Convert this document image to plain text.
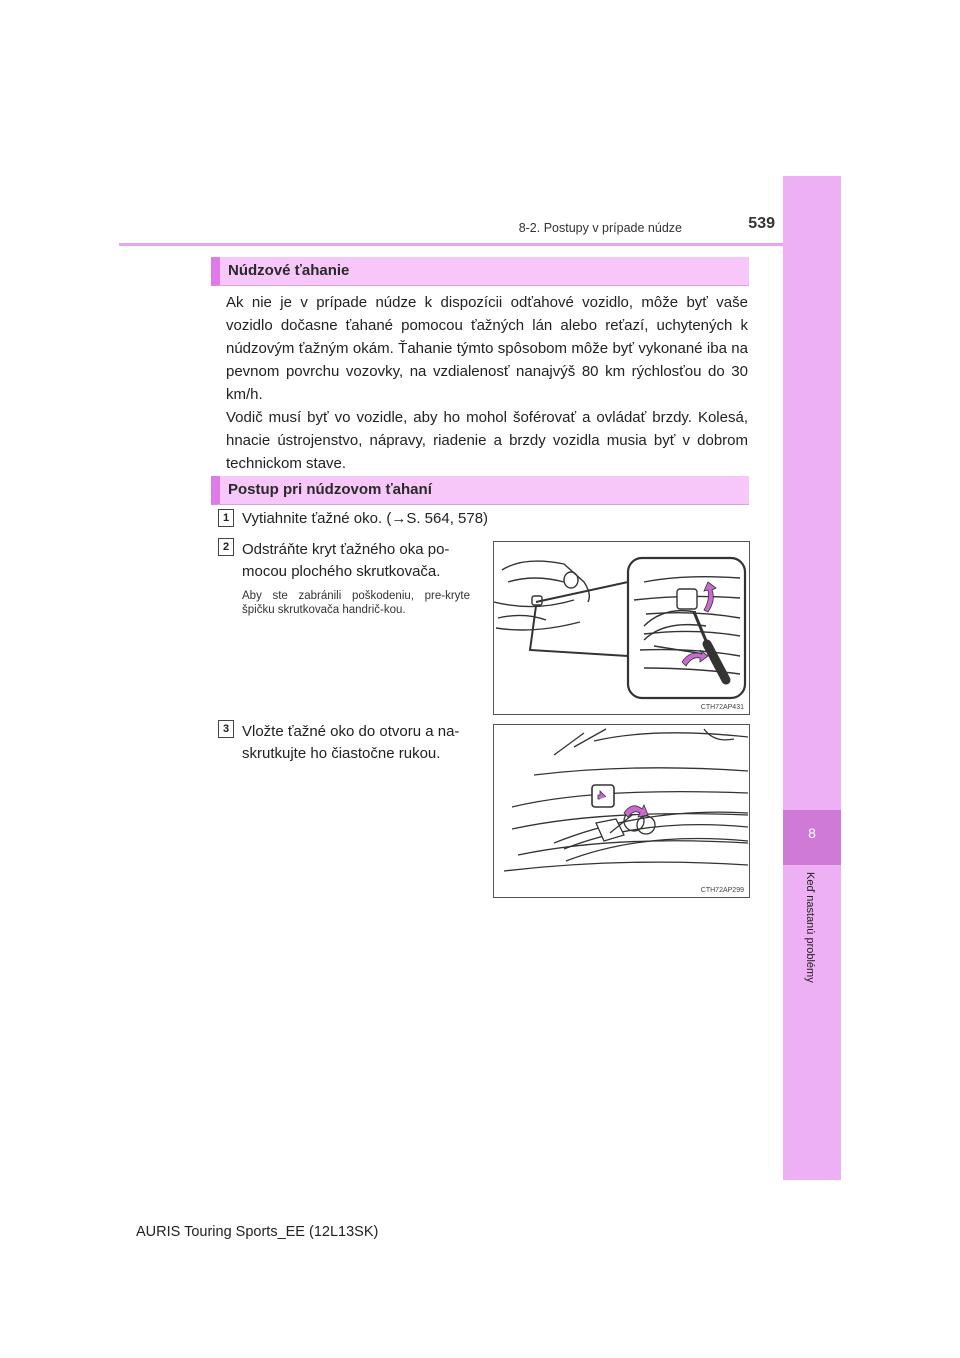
8
Keď nastanú problémy
8-2. Postupy v prípade núdze	539
Núdzové ťahanie

Ak nie je v prípade núdze k dispozícii odťahové vozidlo, môže byť vaše vozidlo dočasne ťahané pomocou ťažných lán alebo reťazí, uchytených k núdzovým ťažným okám. Ťahanie týmto spôsobom môže byť vykonané iba na pevnom povrchu vozovky, na vzdialenosť nanajvýš 80 km rýchlosťou do 30 km/h.

Vodič musí byť vo vozidle, aby ho mohol šoférovať a ovládať brzdy. Kolesá, hnacie ústrojenstvo, nápravy, riadenie a brzdy vozidla musia byť v dobrom technickom stave.

Postup pri núdzovom ťahaní
1 Vytiahnite ťažné oko. (→S. 564, 578)
2 Odstráňte kryt ťažného oka po-
mocou plochého skrutkovača.
Aby ste zabránili poškodeniu, pre-kryte špičku skrutkovača handrič-kou.
CTH72AP431
3 Vložte ťažné oko do otvoru a na-
skrutkujte ho čiastočne rukou.
CTH72AP299
AURIS Touring Sports_EE (12L13SK)
